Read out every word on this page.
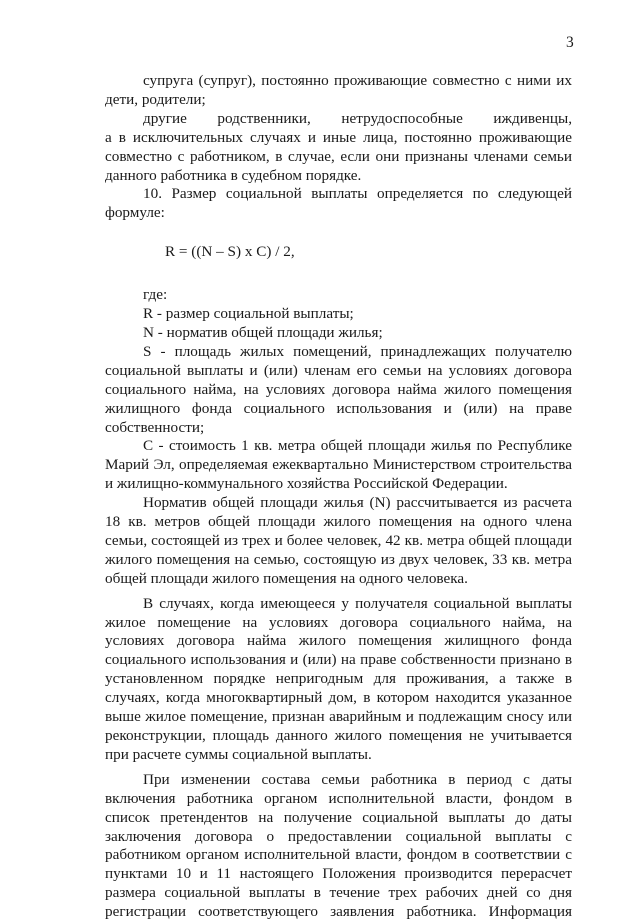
3

супруга (супруг), постоянно проживающие совместно с ними их дети, родители;

другие родственники, нетрудоспособные иждивенцы,

а в исключительных случаях и иные лица, постоянно проживающие совместно с работником, в случае, если они признаны членами семьи данного работника в судебном порядке.

10. Размер социальной выплаты определяется по следующей формуле:

R = ((N – S) x C) / 2,

где:

R - размер социальной выплаты;

N - норматив общей площади жилья;

S - площадь жилых помещений, принадлежащих получателю социальной выплаты и (или) членам его семьи на условиях договора социального найма, на условиях договора найма жилого помещения жилищного фонда социального использования и (или) на праве собственности;

C - стоимость 1 кв. метра общей площади жилья по Республике Марий Эл, определяемая ежеквартально Министерством строительства и жилищно-коммунального хозяйства Российской Федерации.

Норматив общей площади жилья (N) рассчитывается из расчета 18 кв. метров общей площади жилого помещения на одного члена семьи, состоящей из трех и более человек, 42 кв. метра общей площади жилого помещения на семью, состоящую из двух человек, 33 кв. метра общей площади жилого помещения на одного человека.

В случаях, когда имеющееся у получателя социальной выплаты жилое помещение на условиях договора социального найма, на условиях договора найма жилого помещения жилищного фонда социального использования и (или) на праве собственности признано в установленном порядке непригодным для проживания, а также в случаях, когда многоквартирный дом, в котором находится указанное выше жилое помещение, признан аварийным и подлежащим сносу или реконструкции, площадь данного жилого помещения не учитывается при расчете суммы социальной выплаты.

При изменении состава семьи работника в период с даты включения работника органом исполнительной власти, фондом в список претендентов на получение социальной выплаты до даты заключения договора о предоставлении социальной выплаты с работником органом исполнительной власти, фондом в соответствии с пунктами 10 и 11 настоящего Положения производится перерасчет размера социальной выплаты в течение трех рабочих дней со дня регистрации соответствующего заявления работника. Информация
